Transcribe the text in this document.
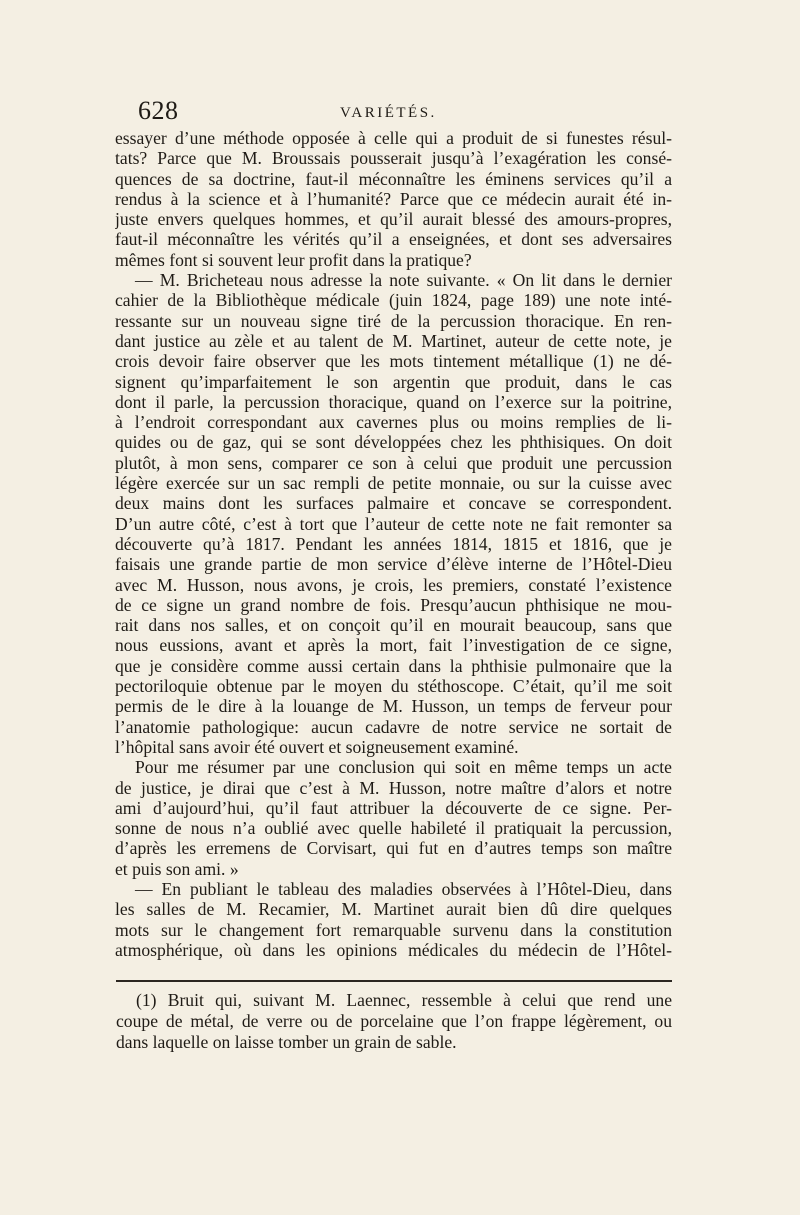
628	VARIÉTÉS.
essayer d’une méthode opposée à celle qui a produit de si funestes résul-
tats? Parce que M. Broussais pousserait jusqu’à l’exagération les consé-
quences de sa doctrine, faut-il méconnaître les éminens services qu’il a
rendus à la science et à l’humanité? Parce que ce médecin aurait été in-
juste envers quelques hommes, et qu’il aurait blessé des amours-propres,
faut-il méconnaître les vérités qu’il a enseignées, et dont ses adversaires
mêmes font si souvent leur profit dans la pratique?
— M. Bricheteau nous adresse la note suivante. « On lit dans le dernier
cahier de la Bibliothèque médicale (juin 1824, page 189) une note inté-
ressante sur un nouveau signe tiré de la percussion thoracique. En ren-
dant justice au zèle et au talent de M. Martinet, auteur de cette note, je
crois devoir faire observer que les mots tintement métallique (1) ne dé-
signent qu’imparfaitement le son argentin que produit, dans le cas
dont il parle, la percussion thoracique, quand on l’exerce sur la poitrine,
à l’endroit correspondant aux cavernes plus ou moins remplies de li-
quides ou de gaz, qui se sont développées chez les phthisiques. On doit
plutôt, à mon sens, comparer ce son à celui que produit une percussion
légère exercée sur un sac rempli de petite monnaie, ou sur la cuisse avec
deux mains dont les surfaces palmaire et concave se correspondent.
D’un autre côté, c’est à tort que l’auteur de cette note ne fait remonter sa
découverte qu’à 1817. Pendant les années 1814, 1815 et 1816, que je
faisais une grande partie de mon service d’élève interne de l’Hôtel-Dieu
avec M. Husson, nous avons, je crois, les premiers, constaté l’existence
de ce signe un grand nombre de fois. Presqu’aucun phthisique ne mou-
rait dans nos salles, et on conçoit qu’il en mourait beaucoup, sans que
nous eussions, avant et après la mort, fait l’investigation de ce signe,
que je considère comme aussi certain dans la phthisie pulmonaire que la
pectoriloquie obtenue par le moyen du stéthoscope. C’était, qu’il me soit
permis de le dire à la louange de M. Husson, un temps de ferveur pour
l’anatomie pathologique: aucun cadavre de notre service ne sortait de
l’hôpital sans avoir été ouvert et soigneusement examiné.
Pour me résumer par une conclusion qui soit en même temps un acte
de justice, je dirai que c’est à M. Husson, notre maître d’alors et notre
ami d’aujourd’hui, qu’il faut attribuer la découverte de ce signe. Per-
sonne de nous n’a oublié avec quelle habileté il pratiquait la percussion,
d’après les erremens de Corvisart, qui fut en d’autres temps son maître
et puis son ami. »
— En publiant le tableau des maladies observées à l’Hôtel-Dieu, dans
les salles de M. Recamier, M. Martinet aurait bien dû dire quelques
mots sur le changement fort remarquable survenu dans la constitution
atmosphérique, où dans les opinions médicales du médecin de l’Hôtel-
(1) Bruit qui, suivant M. Laennec, ressemble à celui que rend une
coupe de métal, de verre ou de porcelaine que l’on frappe légèrement, ou
dans laquelle on laisse tomber un grain de sable.
